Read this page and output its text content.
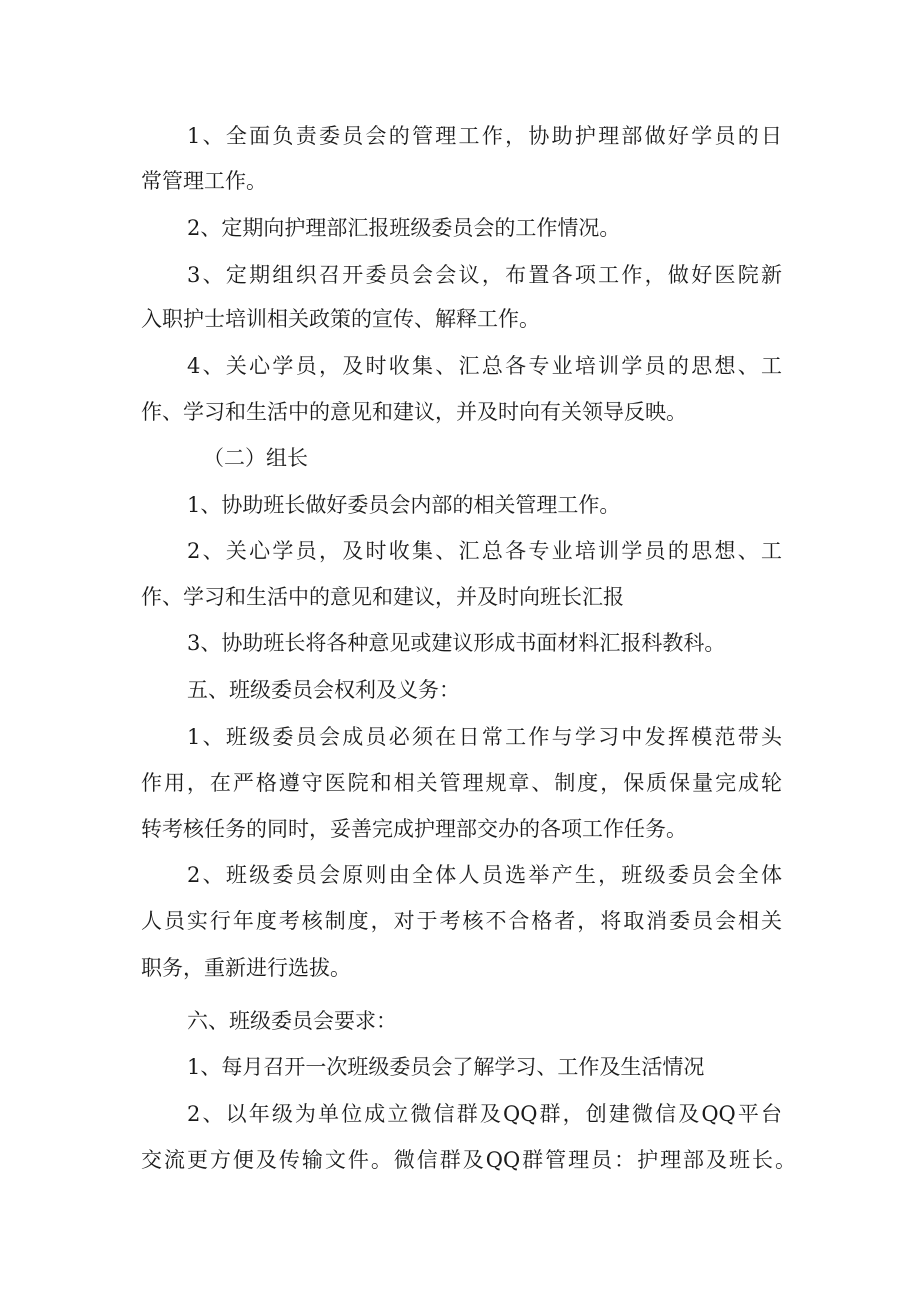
1、全面负责委员会的管理工作，协助护理部做好学员的日

常管理工作。

2、定期向护理部汇报班级委员会的工作情况。

3、定期组织召开委员会会议，布置各项工作，做好医院新

入职护士培训相关政策的宣传、解释工作。

4、关心学员，及时收集、汇总各专业培训学员的思想、工

作、学习和生活中的意见和建议，并及时向有关领导反映。

（二）组长

1、协助班长做好委员会内部的相关管理工作。

2、关心学员，及时收集、汇总各专业培训学员的思想、工

作、学习和生活中的意见和建议，并及时向班长汇报

3、协助班长将各种意见或建议形成书面材料汇报科教科。

五、班级委员会权利及义务：

1、班级委员会成员必须在日常工作与学习中发挥模范带头

作用，在严格遵守医院和相关管理规章、制度，保质保量完成轮

转考核任务的同时，妥善完成护理部交办的各项工作任务。

2、班级委员会原则由全体人员选举产生，班级委员会全体

人员实行年度考核制度，对于考核不合格者，将取消委员会相关

职务，重新进行选拔。

六、班级委员会要求：

1、每月召开一次班级委员会了解学习、工作及生活情况

2、以年级为单位成立微信群及QQ群，创建微信及QQ平台

交流更方便及传输文件。微信群及QQ群管理员：护理部及班长。
